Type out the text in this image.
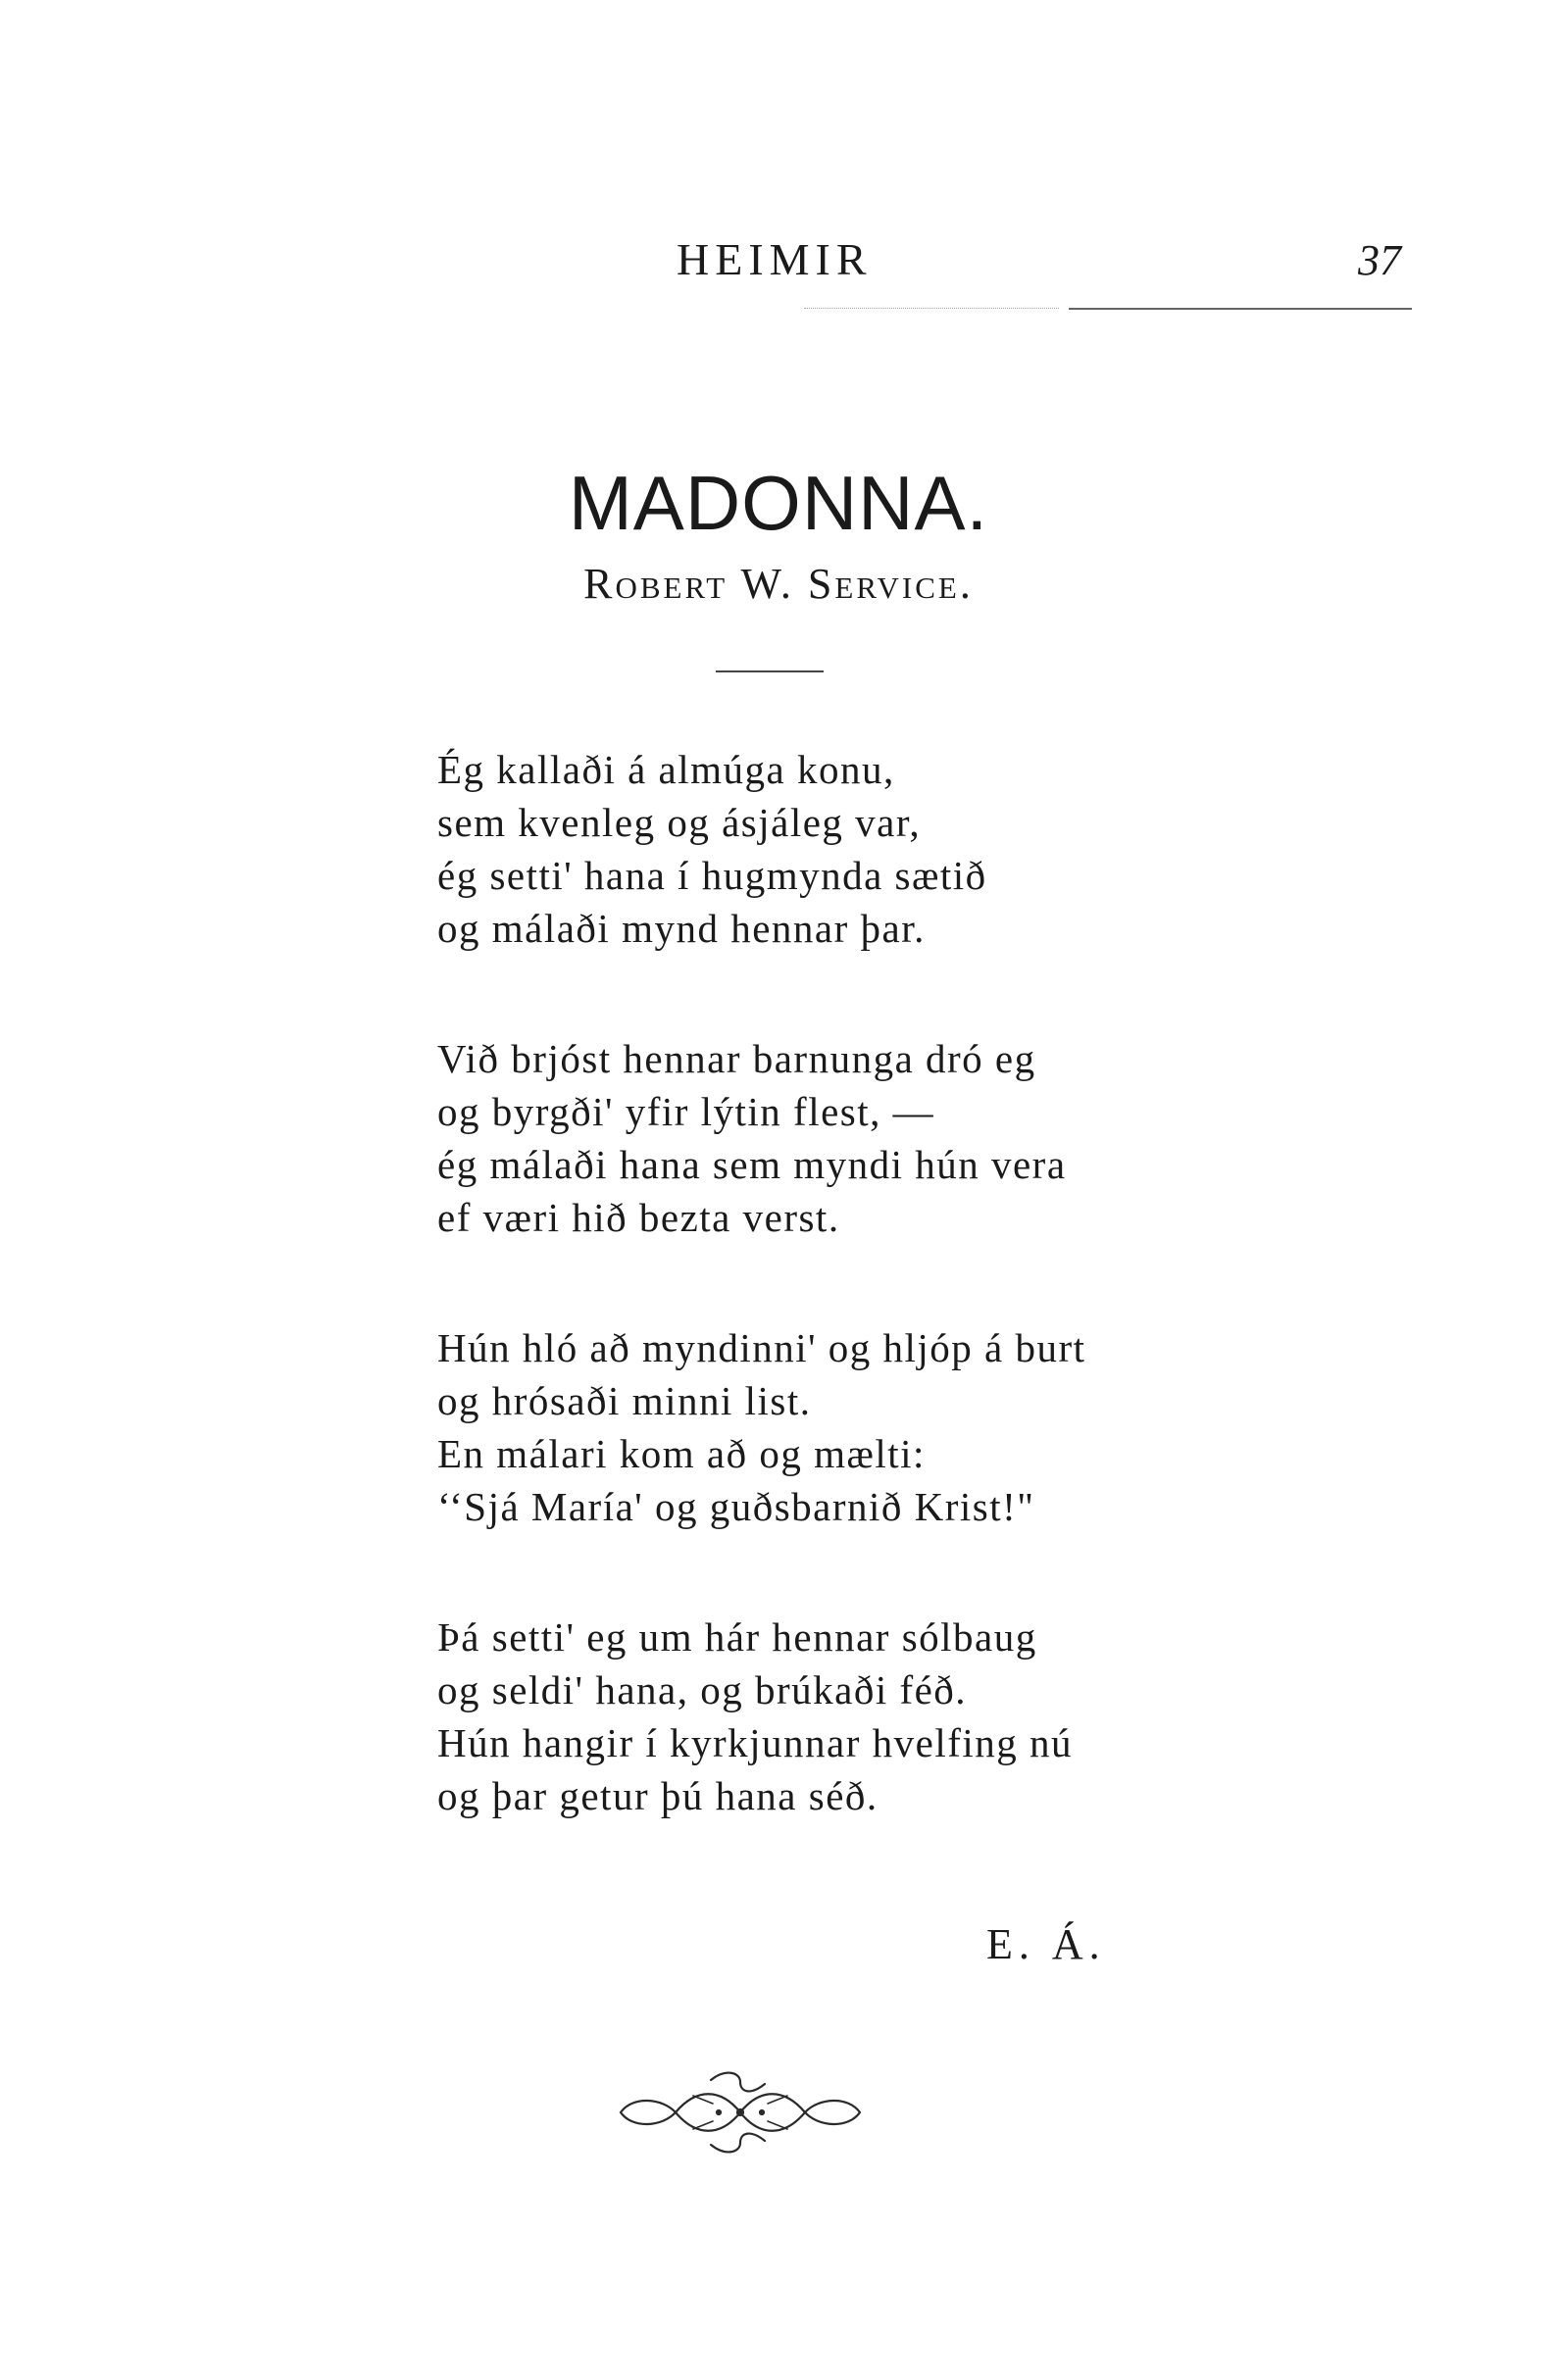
HEIMIR	37
MADONNA.
Robert W. Service.
Ég kallaði á almúga konu,
sem kvenleg og ásjáleg var,
ég setti' hana í hugmynda sætið
og málaði mynd hennar þar.
Við brjóst hennar barnunga dró eg
og byrgði' yfir lýtin flest, —
ég málaði hana sem myndi hún vera
ef væri hið bezta verst.
Hún hló að myndinni' og hljóp á burt
og hrósaði minni list.
En málari kom að og mælti:
‘‘Sjá María' og guðsbarnið Krist!"
Þá setti' eg um hár hennar sólbaug
og seldi' hana, og brúkaði féð.
Hún hangir í kyrkjunnar hvelfing nú
og þar getur þú hana séð.
E. Á.
